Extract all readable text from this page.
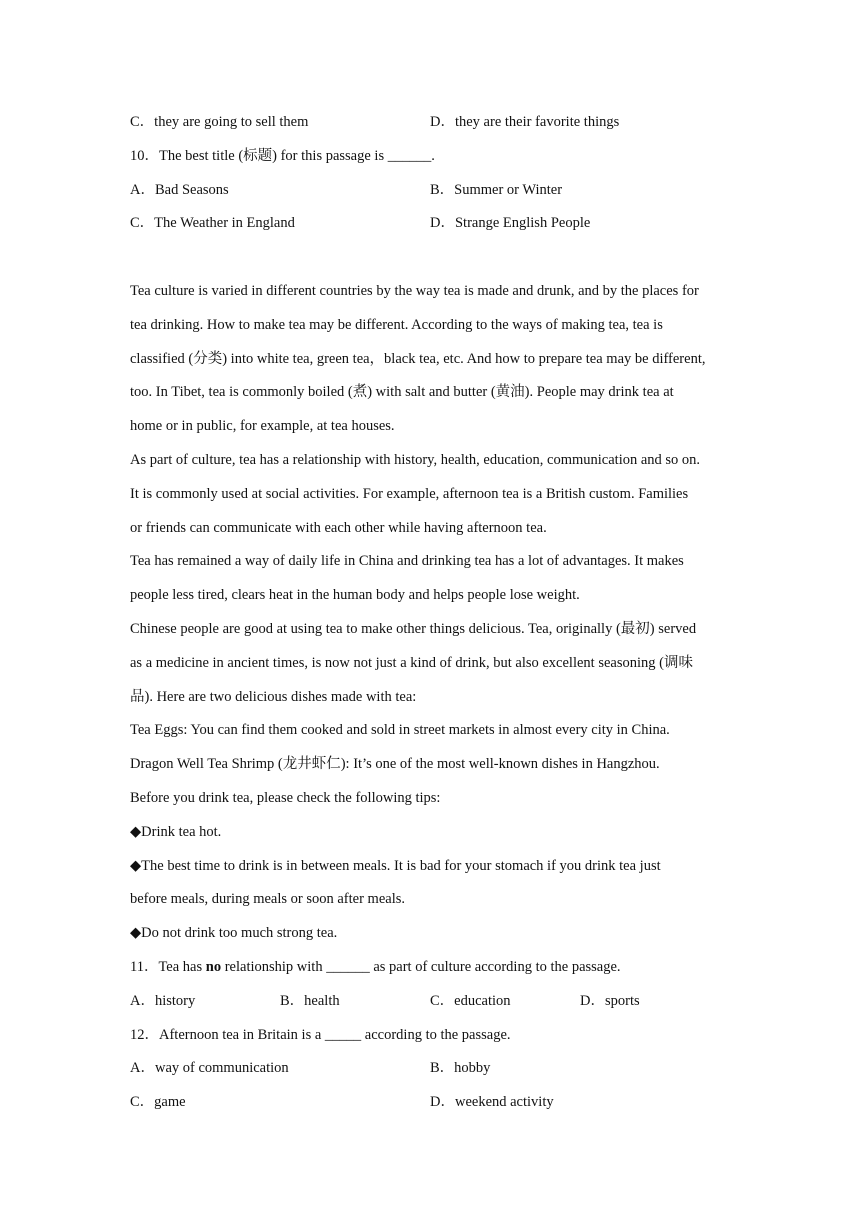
C．they are going to sell them	D．they are their favorite things
10．The best title (标题) for this passage is ______.
A．Bad Seasons	B．Summer or Winter
C．The Weather in England	D．Strange English People
Tea culture is varied in different countries by the way tea is made and drunk, and by the places for
tea drinking. How to make tea may be different. According to the ways of making tea, tea is
classified (分类) into white tea, green tea，black tea, etc. And how to prepare tea may be different,
too. In Tibet, tea is commonly boiled (煮) with salt and butter (黄油). People may drink tea at
home or in public, for example, at tea houses.
As part of culture, tea has a relationship with history, health, education, communication and so on.
It is commonly used at social activities. For example, afternoon tea is a British custom. Families
or friends can communicate with each other while having afternoon tea.
Tea has remained a way of daily life in China and drinking tea has a lot of advantages. It makes
people less tired, clears heat in the human body and helps people lose weight.
Chinese people are good at using tea to make other things delicious. Tea, originally (最初) served
as a medicine in ancient times, is now not just a kind of drink, but also excellent seasoning (调味
品). Here are two delicious dishes made with tea:
Tea Eggs: You can find them cooked and sold in street markets in almost every city in China.
Dragon Well Tea Shrimp (龙井虾仁): It’s one of the most well-known dishes in Hangzhou.
Before you drink tea, please check the following tips:
◆Drink tea hot.
◆The best time to drink is in between meals. It is bad for your stomach if you drink tea just
before meals, during meals or soon after meals.
◆Do not drink too much strong tea.
11．Tea has no relationship with ______ as part of culture according to the passage.
A．history	B．health	C．education	D．sports
12．Afternoon tea in Britain is a _____ according to the passage.
A．way of communication	B．hobby
C．game	D．weekend activity
